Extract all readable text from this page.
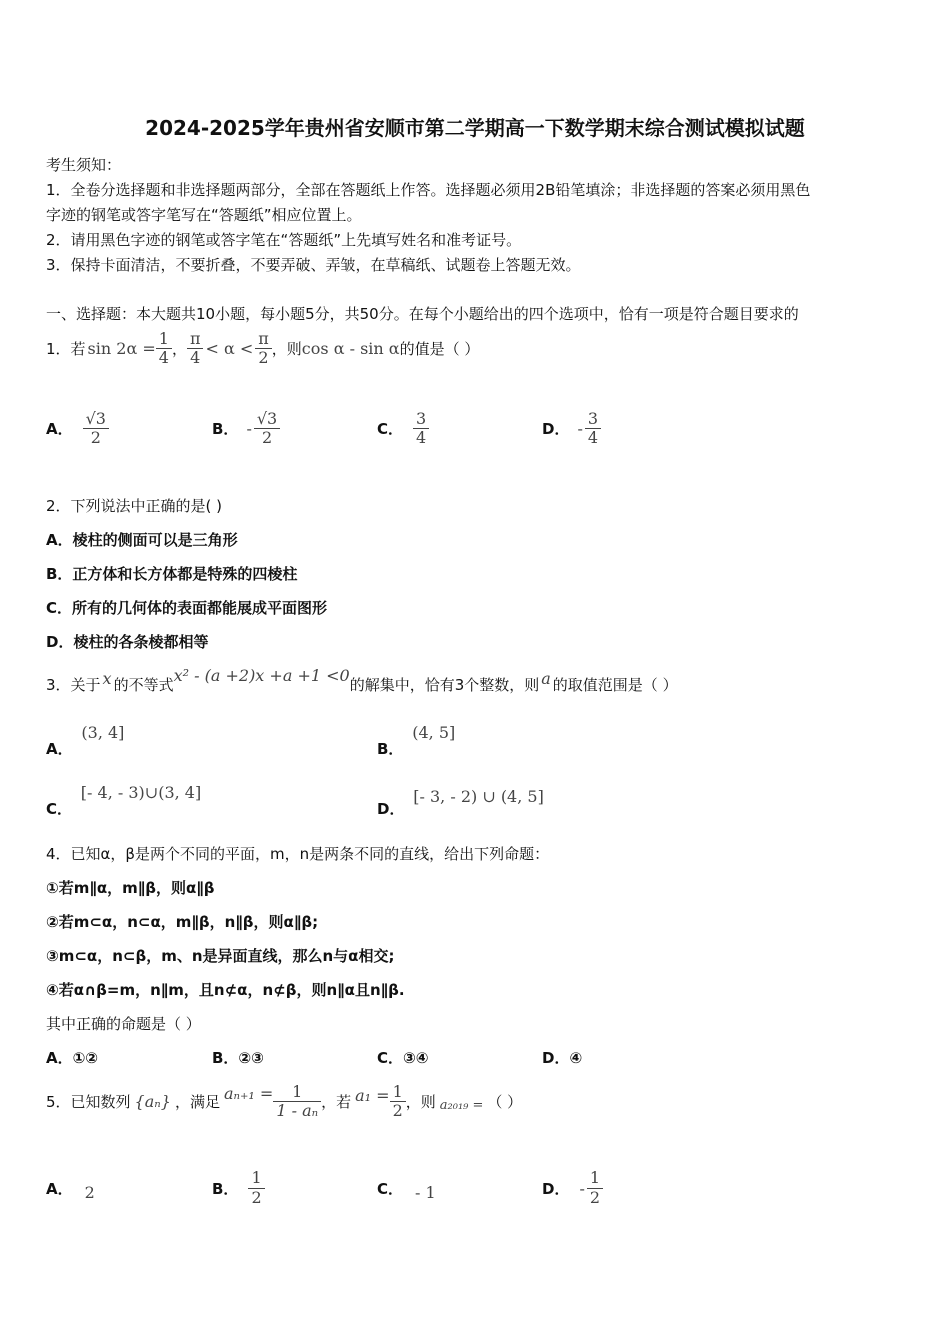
2024-2025学年贵州省安顺市第二学期高一下数学期末综合测试模拟试题
考生须知：
1．全卷分选择题和非选择题两部分，全部在答题纸上作答。选择题必须用2B铅笔填涂；非选择题的答案必须用黑色
字迹的钢笔或答字笔写在“答题纸”相应位置上。
2．请用黑色字迹的钢笔或答字笔在“答题纸”上先填写姓名和准考证号。
3．保持卡面清洁，不要折叠，不要弄破、弄皱，在草稿纸、试题卷上答题无效。
一、选择题：本大题共10小题，每小题5分，共50分。在每个小题给出的四个选项中，恰有一项是符合题目要求的
1．若 $\sin 2\alpha = \frac{1}{4}$ ， $\frac{\pi}{4} < \alpha < \frac{\pi}{2}$ ，则 cos α - sin α 的值是（ ）
A． $\frac{√3}{2}$	B． - $\frac{√3}{2}$	C． $\frac{3}{4}$	D． - $\frac{3}{4}$
2．下列说法中正确的是( )
A．棱柱的侧面可以是三角形
B．正方体和长方体都是特殊的四棱柱
C．所有的几何体的表面都能展成平面图形
D．棱柱的各条棱都相等
3．关于 x 的不等式 x² - (a +2)x +a +1 <0 的解集中，恰有3个整数，则 a 的取值范围是（ ）
A． (3, 4]
B． (4, 5]
C． [- 4, - 3)∪(3, 4]
D． [- 3, - 2) ∪ (4, 5]
4．已知α，β是两个不同的平面，m，n是两条不同的直线，给出下列命题：
①若m∥α，m∥β，则α∥β
②若m⊂α，n⊂α，m∥β，n∥β，则α∥β;
③m⊂α，n⊂β，m、n是异面直线，那么n与α相交;
④若α∩β=m，n∥m，且n⊄α，n⊄β，则n∥α且n∥β.
其中正确的命题是（ ）
A．①②	B．②③	C．③④	D．④
5．已知数列 {aₙ} ，满足 $a_{n+1} = \frac{1}{\text{1 - aₙ}}$ ，若 $a_1 = \frac{1}{2}$ ，则 a₂₀₁₉ = （ ）
A． 2	B． $\frac{1}{2}$	C． - 1	D． - $\frac{1}{2}$
